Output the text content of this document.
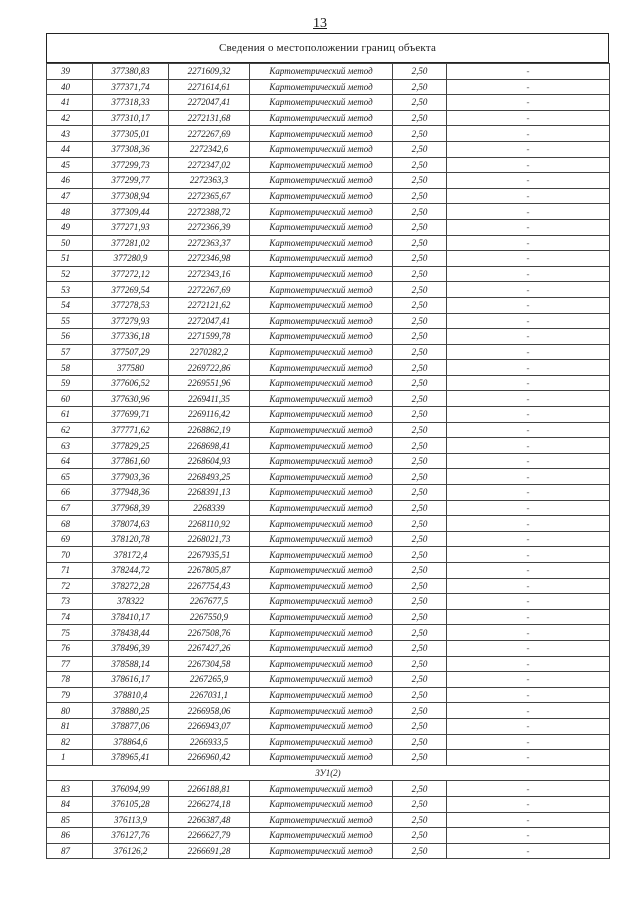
13
Сведения о местоположении границ объекта
39	377380,83	2271609,32	Картометрический метод	2,50	-
40	377371,74	2271614,61	Картометрический метод	2,50	-
41	377318,33	2272047,41	Картометрический метод	2,50	-
42	377310,17	2272131,68	Картометрический метод	2,50	-
43	377305,01	2272267,69	Картометрический метод	2,50	-
44	377308,36	2272342,6	Картометрический метод	2,50	-
45	377299,73	2272347,02	Картометрический метод	2,50	-
46	377299,77	2272363,3	Картометрический метод	2,50	-
47	377308,94	2272365,67	Картометрический метод	2,50	-
48	377309,44	2272388,72	Картометрический метод	2,50	-
49	377271,93	2272366,39	Картометрический метод	2,50	-
50	377281,02	2272363,37	Картометрический метод	2,50	-
51	377280,9	2272346,98	Картометрический метод	2,50	-
52	377272,12	2272343,16	Картометрический метод	2,50	-
53	377269,54	2272267,69	Картометрический метод	2,50	-
54	377278,53	2272121,62	Картометрический метод	2,50	-
55	377279,93	2272047,41	Картометрический метод	2,50	-
56	377336,18	2271599,78	Картометрический метод	2,50	-
57	377507,29	2270282,2	Картометрический метод	2,50	-
58	377580	2269722,86	Картометрический метод	2,50	-
59	377606,52	2269551,96	Картометрический метод	2,50	-
60	377630,96	2269411,35	Картометрический метод	2,50	-
61	377699,71	2269116,42	Картометрический метод	2,50	-
62	377771,62	2268862,19	Картометрический метод	2,50	-
63	377829,25	2268698,41	Картометрический метод	2,50	-
64	377861,60	2268604,93	Картометрический метод	2,50	-
65	377903,36	2268493,25	Картометрический метод	2,50	-
66	377948,36	2268391,13	Картометрический метод	2,50	-
67	377968,39	2268339	Картометрический метод	2,50	-
68	378074,63	2268110,92	Картометрический метод	2,50	-
69	378120,78	2268021,73	Картометрический метод	2,50	-
70	378172,4	2267935,51	Картометрический метод	2,50	-
71	378244,72	2267805,87	Картометрический метод	2,50	-
72	378272,28	2267754,43	Картометрический метод	2,50	-
73	378322	2267677,5	Картометрический метод	2,50	-
74	378410,17	2267550,9	Картометрический метод	2,50	-
75	378438,44	2267508,76	Картометрический метод	2,50	-
76	378496,39	2267427,26	Картометрический метод	2,50	-
77	378588,14	2267304,58	Картометрический метод	2,50	-
78	378616,17	2267265,9	Картометрический метод	2,50	-
79	378810,4	2267031,1	Картометрический метод	2,50	-
80	378880,25	2266958,06	Картометрический метод	2,50	-
81	378877,06	2266943,07	Картометрический метод	2,50	-
82	378864,6	2266933,5	Картометрический метод	2,50	-
1	378965,41	2266960,42	Картометрический метод	2,50	-
ЗУ1(2)					
83	376094,99	2266188,81	Картометрический метод	2,50	-
84	376105,28	2266274,18	Картометрический метод	2,50	-
85	376113,9	2266387,48	Картометрический метод	2,50	-
86	376127,76	2266627,79	Картометрический метод	2,50	-
87	376126,2	2266691,28	Картометрический метод	2,50	-
